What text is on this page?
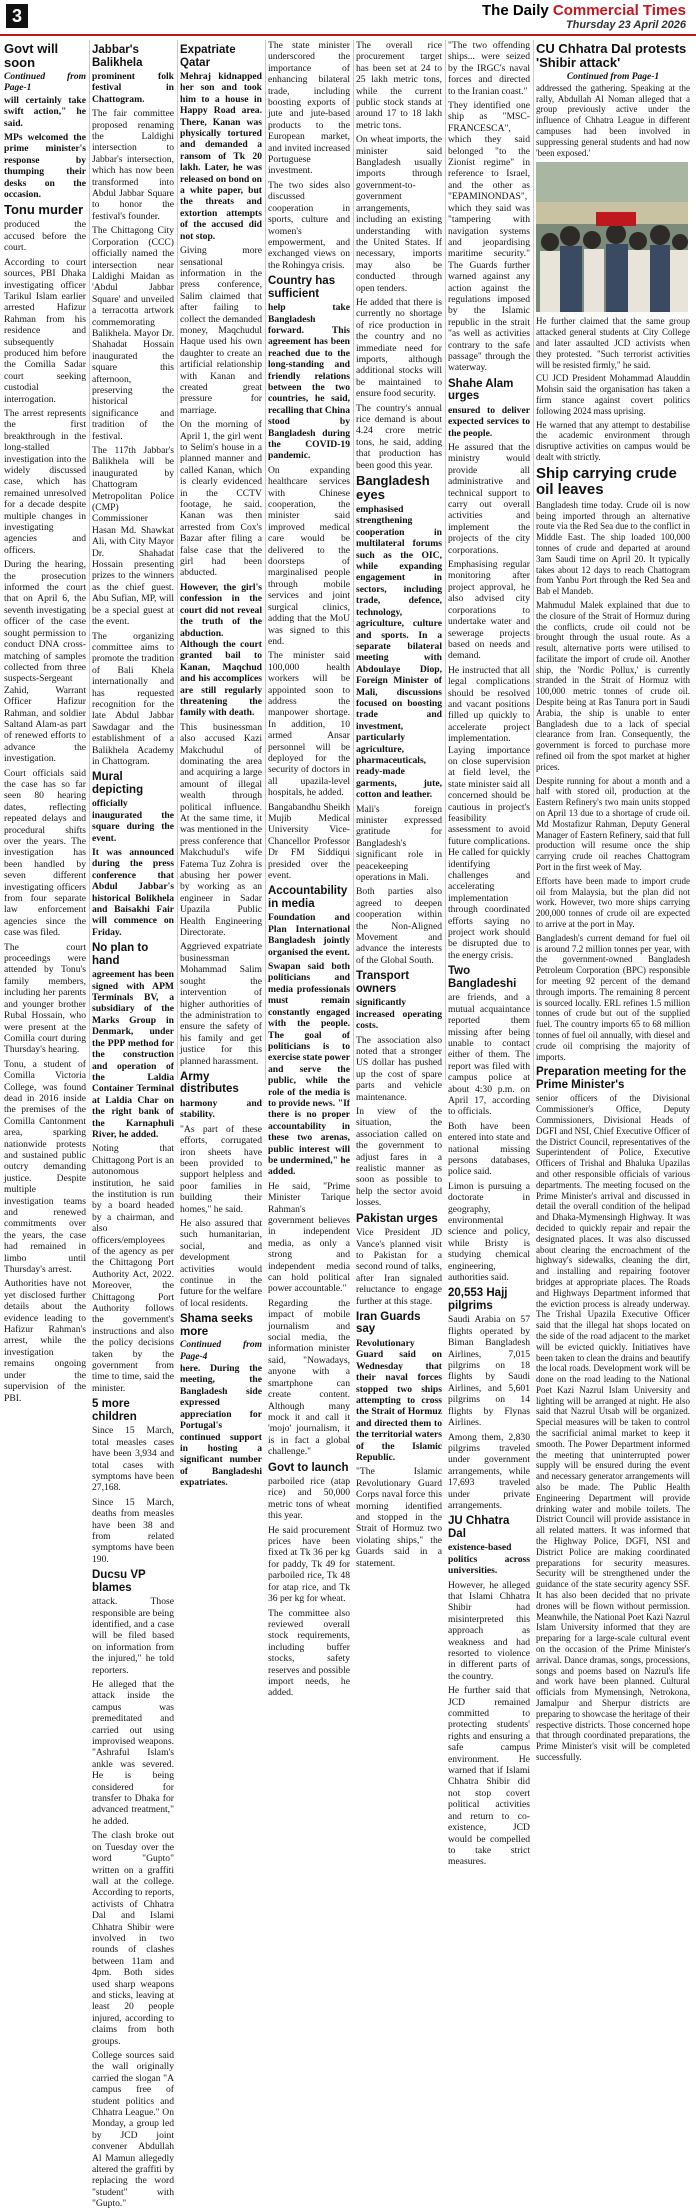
3	The Daily Commercial Times
Thursday 23 April 2026
Govt will soon
Continued from Page-1

will certainly take swift action," he said.

MPs welcomed the prime minister's response by thumping their desks on the occasion.

Tonu murder

produced the accused before the court.

According to court sources, PBI Dhaka investigating officer Tarikul Islam earlier arrested Hafizur Rahman from his residence and subsequently produced him before the Comilla Sadar court seeking custodial interrogation.

The arrest represents the first breakthrough in the long-stalled investigation into the widely discussed case, which has remained unresolved for a decade despite multiple changes in investigating agencies and officers.

During the hearing, the prosecution informed the court that on April 6, the seventh investigating officer of the case sought permission to conduct DNA cross-matching of samples collected from three suspects-Sergeant Zahid, Warrant Officer Hafizur Rahman, and soldier Saltand Alam-as part of renewed efforts to advance the investigation.

Court officials said the case has so far seen 80 hearing dates, reflecting repeated delays and procedural shifts over the years. The investigation has been handled by seven different investigating officers from four separate law enforcement agencies since the case was filed.

The court proceedings were attended by Tonu's family members, including her parents and younger brother Rubal Hossain, who were present at the Comilla court during Thursday's hearing.

Tonu, a student of Comilla Victoria College, was found dead in 2016 inside the premises of the Comilla Cantonment area, sparking nationwide protests and sustained public outcry demanding justice. Despite multiple investigation teams and renewed commitments over the years, the case had remained in limbo until Thursday's arrest.

Authorities have not yet disclosed further details about the evidence leading to Hafizur Rahman's arrest, while the investigation remains ongoing under the supervision of the PBI.

Jabbar's Balikhela

prominent folk festival in Chattogram.

The fair committee proposed renaming the Laldighi intersection to Jabbar's intersection, which has now been transformed into Abdul Jabbar Square to honor the festival's founder.

The Chittagong City Corporation (CCC) officially named the intersection near Laldighi Maidan as 'Abdul Jabbar Square' and unveiled a terracotta artwork commemorating Balikhela. Mayor Dr. Shahadat Hossain inaugurated the square this afternoon, preserving the historical significance and tradition of the festival.

The 117th Jabbar's Balikhela will be inaugurated by Chattogram Metropolitan Police (CMP) Commissioner Hasan Md. Shawkat Ali, with City Mayor Dr. Shahadat Hossain presenting prizes to the winners as the chief guest. Abu Sufian, MP, will be a special guest at the event.

The organizing committee aims to promote the tradition of Bali Khela internationally and has requested recognition for the late Abdul Jabbar Sawdagar and the establishment of a Balikhela Academy in Chattogram.

Mural depicting

officially inaugurated the square during the event.

It was announced during the press conference that Abdul Jabbar's historical Bolikhela and Baisakhi Fair will commence on Friday.

No plan to hand

agreement has been signed with APM Terminals BV, a subsidiary of the Marks Group in Denmark, under the PPP method for the construction and operation of the Laldia Container Terminal at Laldia Char on the right bank of the Karnaphuli River, he added.

Noting that Chittagong Port is an autonomous institution, he said the institution is run by a board headed by a chairman, and also officers/employees of the agency as per the Chittagong Port Authority Act, 2022. Moreover, the Chittagong Port Authority follows the government's instructions and also the policy decisions taken by the government from time to time, said the minister.

5 more children

Since 15 March, total measles cases have been 3,934 and total cases with symptoms have been 27,168.

Since 15 March, deaths from measles have been 38 and from related symptoms have been 190.

Ducsu VP blames

attack. Those responsible are being identified, and a case will be filed based on information from the injured," he told reporters.

He alleged that the attack inside the campus was premeditated and carried out using improvised weapons. "Ashraful Islam's ankle was severed. He is being considered for transfer to Dhaka for advanced treatment," he added.

The clash broke out on Tuesday over the word "Gupto" written on a graffiti wall at the college. According to reports, activists of Chhatra Dal and Islami Chhatra Shibir were involved in two rounds of clashes between 11am and 4pm. Both sides used sharp weapons and sticks, leaving at least 20 people injured, according to claims from both groups.

College sources said the wall originally carried the slogan "A campus free of student politics and Chhatra League." On Monday, a group led by JCD joint convener Abdullah Al Mamun allegedly altered the graffiti by replacing the word "student" with "Gupto."

Expatriate Qatar

Mehraj kidnapped her son and took him to a house in Happy Road area. There, Kanan was physically tortured and demanded a ransom of Tk 20 lakh. Later, he was released on bond on a white paper, but the threats and extortion attempts of the accused did not stop.

Giving more sensational information in the press conference, Salim claimed that after failing to collect the demanded money, Maqchudul Haque used his own daughter to create an artificial relationship with Kanan and created great pressure for marriage.

On the morning of April 1, the girl went to Selim's house in a planned manner and called Kanan, which is clearly evidenced in the CCTV footage, he said. Kanan was then arrested from Cox's Bazar after filing a false case that the girl had been abducted.

However, the girl's confession in the court did not reveal the truth of the abduction. Although the court granted bail to Kanan, Maqchud and his accomplices are still regularly threatening the family with death.

This businessman also accused Kazi Makchudul of dominating the area and acquiring a large amount of illegal wealth through political influence. At the same time, it was mentioned in the press conference that Makchudul's wife Fatema Tuz Zohra is abusing her power by working as an engineer in Sadar Upazila Public Health Engineering Directorate.

Aggrieved expatriate businessman Mohammad Salim sought the intervention of higher authorities of the administration to ensure the safety of his family and get justice for this planned harassment.

Army distributes

harmony and stability.

"As part of these efforts, corrugated iron sheets have been provided to support helpless and poor families in building their homes," he said.

He also assured that such humanitarian, social, and development activities would continue in the future for the welfare of local residents.

Shama seeks more
Continued from Page-4

here. During the meeting, the Bangladesh side expressed appreciation for Portugal's continued support in hosting a significant number of Bangladeshi expatriates.

The state minister underscored the importance of enhancing bilateral trade, including boosting exports of jute and jute-based products to the European market, and invited increased Portuguese investment.

The two sides also discussed cooperation in sports, culture and women's empowerment, and exchanged views on the Rohingya crisis.

Country has sufficient

help take Bangladesh forward. This agreement has been reached due to the long-standing and friendly relations between the two countries, he said, recalling that China stood by Bangladesh during the COVID-19 pandemic.

On expanding healthcare services with Chinese cooperation, the minister said improved medical care would be delivered to the doorsteps of marginalised people through mobile services and joint surgical clinics, adding that the MoU was signed to this end.

The minister said 100,000 health workers will be appointed soon to address the manpower shortage. In addition, 10 armed Ansar personnel will be deployed for the security of doctors in all upazila-level hospitals, he added.

Bangabandhu Sheikh Mujib Medical University Vice-Chancellor Professor Dr FM Siddiqui presided over the event.

Accountability in media

Foundation and Plan International Bangladesh jointly organised the event.

Swapan said both politicians and media professionals must remain constantly engaged with the people. The goal of politicians is to exercise state power and serve the public, while the role of the media is to provide news. "If there is no proper accountability in these two arenas, public interest will be undermined," he added.

He said, "Prime Minister Tarique Rahman's government believes in independent media, as only a strong and independent media can hold political power accountable."

Regarding the impact of mobile journalism and social media, the information minister said, "Nowadays, anyone with a smartphone can create content. Although many mock it and call it 'mojo' journalism, it is in fact a global challenge."

Govt to launch

parboiled rice (atap rice) and 50,000 metric tons of wheat this year.

He said procurement prices have been fixed at Tk 36 per kg for paddy, Tk 49 for parboiled rice, Tk 48 for atap rice, and Tk 36 per kg for wheat.

The committee also reviewed overall stock requirements, including buffer stocks, safety reserves and possible import needs, he added.

The overall rice procurement target has been set at 24 to 25 lakh metric tons, while the current public stock stands at around 17 to 18 lakh metric tons.

On wheat imports, the minister said Bangladesh usually imports through government-to-government arrangements, including an existing understanding with the United States. If necessary, imports may also be conducted through open tenders.

He added that there is currently no shortage of rice production in the country and no immediate need for imports, although additional stocks will be maintained to ensure food security.

The country's annual rice demand is about 4.24 crore metric tons, he said, adding that production has been good this year.

Bangladesh eyes

emphasised strengthening cooperation in multilateral forums such as the OIC, while expanding engagement in sectors, including trade, defence, technology, agriculture, culture and sports. In a separate bilateral meeting with Abdoulaye Diop, Foreign Minister of Mali, discussions focused on boosting trade and investment, particularly agriculture, pharmaceuticals, ready-made garments, jute, cotton and leather.

Mali's foreign minister expressed gratitude for Bangladesh's significant role in peacekeeping operations in Mali.

Both parties also agreed to deepen cooperation within the Non-Aligned Movement and advance the interests of the Global South.

Transport owners

significantly increased operating costs.

The association also noted that a stronger US dollar has pushed up the cost of spare parts and vehicle maintenance.

In view of the situation, the association called on the government to adjust fares in a realistic manner as soon as possible to help the sector avoid losses.

Pakistan urges

Vice President JD Vance's planned visit to Pakistan for a second round of talks, after Iran signaled reluctance to engage further at this stage.

Iran Guards say

Revolutionary Guard said on Wednesday that their naval forces stopped two ships attempting to cross the Strait of Hormuz and directed them to the territorial waters of the Islamic Republic.

"The Islamic Revolutionary Guard Corps naval force this morning identified and stopped in the Strait of Hormuz two violating ships," the Guards said in a statement.

"The two offending ships... were seized by the IRGC's naval forces and directed to the Iranian coast."

They identified one ship as "MSC-FRANCESCA", which they said belonged "to the Zionist regime" in reference to Israel, and the other as "EPAMINONDAS", which they said was "tampering with navigation systems and jeopardising maritime security." The Guards further warned against any action against the regulations imposed by the Islamic republic in the strait "as well as activities contrary to the safe passage" through the waterway.

Shahe Alam urges

ensured to deliver expected services to the people.

He assured that the ministry would provide all administrative and technical support to carry out overall activities and implement the projects of the city corporations.

Emphasising regular monitoring after project approval, he also advised city corporations to undertake water and sewerage projects based on needs and demand.

He instructed that all legal complications should be resolved and vacant positions filled up quickly to accelerate project implementation. Laying importance on close supervision at field level, the state minister said all concerned should be cautious in project's feasibility assessment to avoid future complications. He called for quickly identifying challenges and accelerating implementation through coordinated efforts saying no project work should be disrupted due to the energy crisis.

Two Bangladeshi

are friends, and a mutual acquaintance reported them missing after being unable to contact either of them. The report was filed with campus police at about 4:30 p.m. on April 17, according to officials.

Both have been entered into state and national missing persons databases, police said.

Limon is pursuing a doctorate in geography, environmental science and policy, while Bristy is studying chemical engineering, authorities said.

20,553 Hajj pilgrims

Saudi Arabia on 57 flights operated by Biman Bangladesh Airlines, 7,015 pilgrims on 18 flights by Saudi Airlines, and 5,601 pilgrims on 14 flights by Flynas Airlines.

Among them, 2,830 pilgrims traveled under government arrangements, while 17,693 traveled under private arrangements.

JU Chhatra Dal

existence-based politics across universities.

However, he alleged that Islami Chhatra Shibir had misinterpreted this approach as weakness and had resorted to violence in different parts of the country.

He further said that JCD remained committed to protecting students' rights and ensuring a safe campus environment. He warned that if Islami Chhatra Shibir did not stop covert political activities and return to co-existence, JCD would be compelled to take strict measures.

CU Chhatra Dal protests 'Shibir attack'
Continued from Page-1

addressed the gathering. Speaking at the rally, Abdullah Al Noman alleged that a group previously active under the influence of Chhatra League in different campuses had been involved in suppressing general students and had now 'been exposed.'

He further claimed that the same group attacked general students at City College and later assaulted JCD activists when they protested. "Such terrorist activities will be resisted firmly," he said.

CU JCD President Mohammad Alauddin Mohsin said the organisation has taken a firm stance against covert politics following 2024 mass uprising.

He warned that any attempt to destabilise the academic environment through disruptive activities on campus would be dealt with strictly.

Ship carrying crude oil leaves

Bangladesh time today. Crude oil is now being imported through an alternative route via the Red Sea due to the conflict in Middle East. The ship loaded 100,000 tonnes of crude and departed at around 3am Saudi time on April 20. It typically takes about 12 days to reach Chattogram from Yanbu Port through the Red Sea and Bab el Mandeb.

Mahmudul Malek explained that due to the closure of the Strait of Hormuz during the conflicts, crude oil could not be brought through the usual route. As a result, alternative ports were utilised to facilitate the import of crude oil. Another ship, the 'Nordic Pollux,' is currently stranded in the Strait of Hormuz with 100,000 metric tonnes of crude oil. Despite being at Ras Tanura port in Saudi Arabia, the ship is unable to enter Bangladesh due to a lack of special clearance from Iran. Consequently, the government is forced to purchase more refined oil from the spot market at higher prices.

Despite running for about a month and a half with stored oil, production at the Eastern Refinery's two main units stopped on April 13 due to a shortage of crude oil. Md Mostafizur Rahman, Deputy General Manager of Eastern Refinery, said that full production will resume once the ship carrying crude oil reaches Chattogram Port in the first week of May.

Efforts have been made to import crude oil from Malaysia, but the plan did not work. However, two more ships carrying 200,000 tonnes of crude oil are expected to arrive at the port in May.

Bangladesh's current demand for fuel oil is around 7.2 million tonnes per year, with the government-owned Bangladesh Petroleum Corporation (BPC) responsible for meeting 92 percent of the demand through imports. The remaining 8 percent is sourced locally. ERL refines 1.5 million tonnes of crude but out of the supplied fuel. The country imports 65 to 68 million tonnes of fuel oil annually, with diesel and crude oil comprising the majority of imports.

Preparation meeting for the Prime Minister's

senior officers of the Divisional Commissioner's Office, Deputy Commissioners, Divisional Heads of DGFI and NSI, Chief Executive Officer of the District Council, representatives of the Superintendent of Police, Executive Officers of Trishal and Bhaluka Upazilas and other responsible officials of various departments. The meeting focused on the Prime Minister's arrival and discussed in detail the overall condition of the helipad and Dhaka-Mymensingh Highway. It was decided to quickly repair and repair the designated places. It was also discussed about clearing the encroachment of the highway's sidewalks, cleaning the dirt, and installing and repairing footover bridges at appropriate places. The Roads and Highways Department informed that the eviction process is already underway. The Trishal Upazila Executive Officer said that the illegal hat shops located on the side of the road adjacent to the market will be evicted quickly. Initiatives have been taken to clean the drains and beautify the local roads. Development work will be done on the road leading to the National Poet Kazi Nazrul Islam University and lighting will be arranged at night. He also said that Nazrul Utsab will be organized. Special measures will be taken to control the sacrificial animal market to keep it smooth. The Power Department informed the meeting that uninterrupted power supply will be ensured during the event and necessary generator arrangements will also be made. The Public Health Engineering Department will provide drinking water and mobile toilets. The District Council will provide assistance in all related matters. It was informed that the Highway Police, DGFI, NSI and District Police are making coordinated preparations for security measures. Security will be strengthened under the guidance of the state security agency SSF. It has also been decided that no private drones will be flown without permission. Meanwhile, the National Poet Kazi Nazrul Islam University informed that they are preparing for a large-scale cultural event on the occasion of the Prime Minister's arrival. Dance dramas, songs, processions, songs and poems based on Nazrul's life and work have been planned. Cultural officials from Mymensingh, Netrokona, Jamalpur and Sherpur districts are preparing to showcase the heritage of their respective districts. Those concerned hope that through coordinated preparations, the Prime Minister's visit will be completed successfully.
